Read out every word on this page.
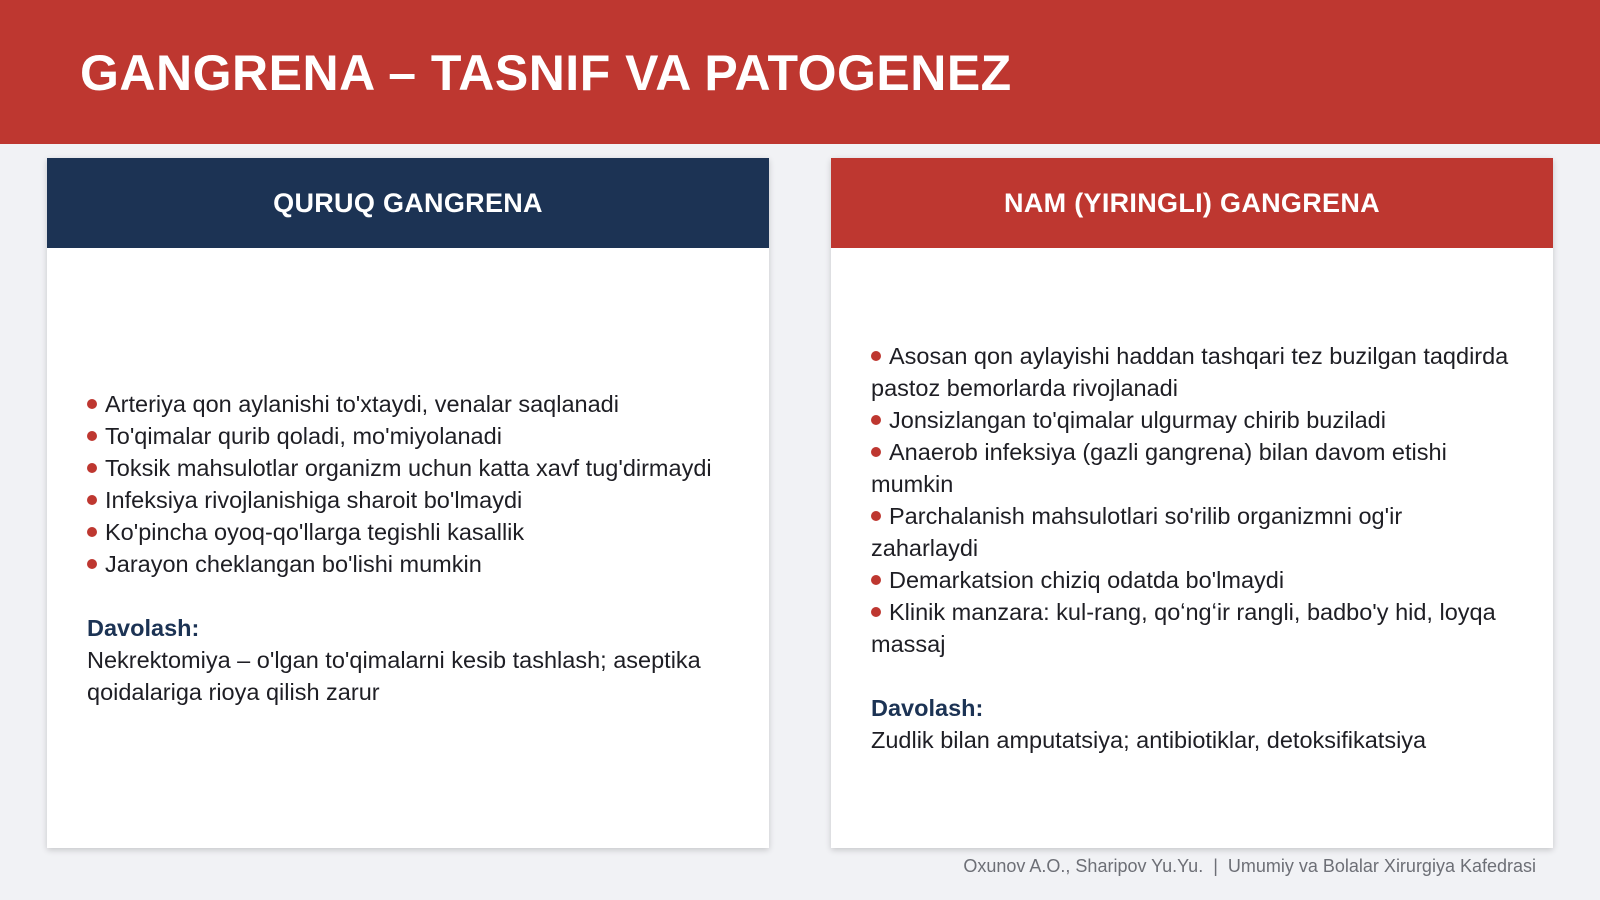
GANGRENA – TASNIF VA PATOGENEZ
QURUQ GANGRENA
Arteriya qon aylanishi to'xtaydi, venalar saqlanadi
To'qimalar qurib qoladi, mo'miyolanadi
Toksik mahsulotlar organizm uchun katta xavf tug'dirmaydi
Infeksiya rivojlanishiga sharoit bo'lmaydi
Ko'pincha oyoq-qo'llarga tegishli kasallik
Jarayon cheklangan bo'lishi mumkin
Davolash:
Nekrektomiya – o'lgan to'qimalarni kesib tashlash; aseptika qoidalariga rioya qilish zarur
NAM (YIRINGLI) GANGRENA
Asosan qon aylayishi haddan tashqari tez buzilgan taqdirda pastoz bemorlarda rivojlanadi
Jonsizlangan to'qimalar ulgurmay chirib buziladi
Anaerob infeksiya (gazli gangrena) bilan davom etishi mumkin
Parchalanish mahsulotlari so'rilib organizmni og'ir zaharlaydi
Demarkatsion chiziq odatda bo'lmaydi
Klinik manzara: kul-rang, qoʻngʻir rangli, badbo'y hid, loyqa massaj
Davolash:
Zudlik bilan amputatsiya; antibiotiklar, detoksifikatsiya
Oxunov A.O., Sharipov Yu.Yu. | Umumiy va Bolalar Xirurgiya Kafedrasi
